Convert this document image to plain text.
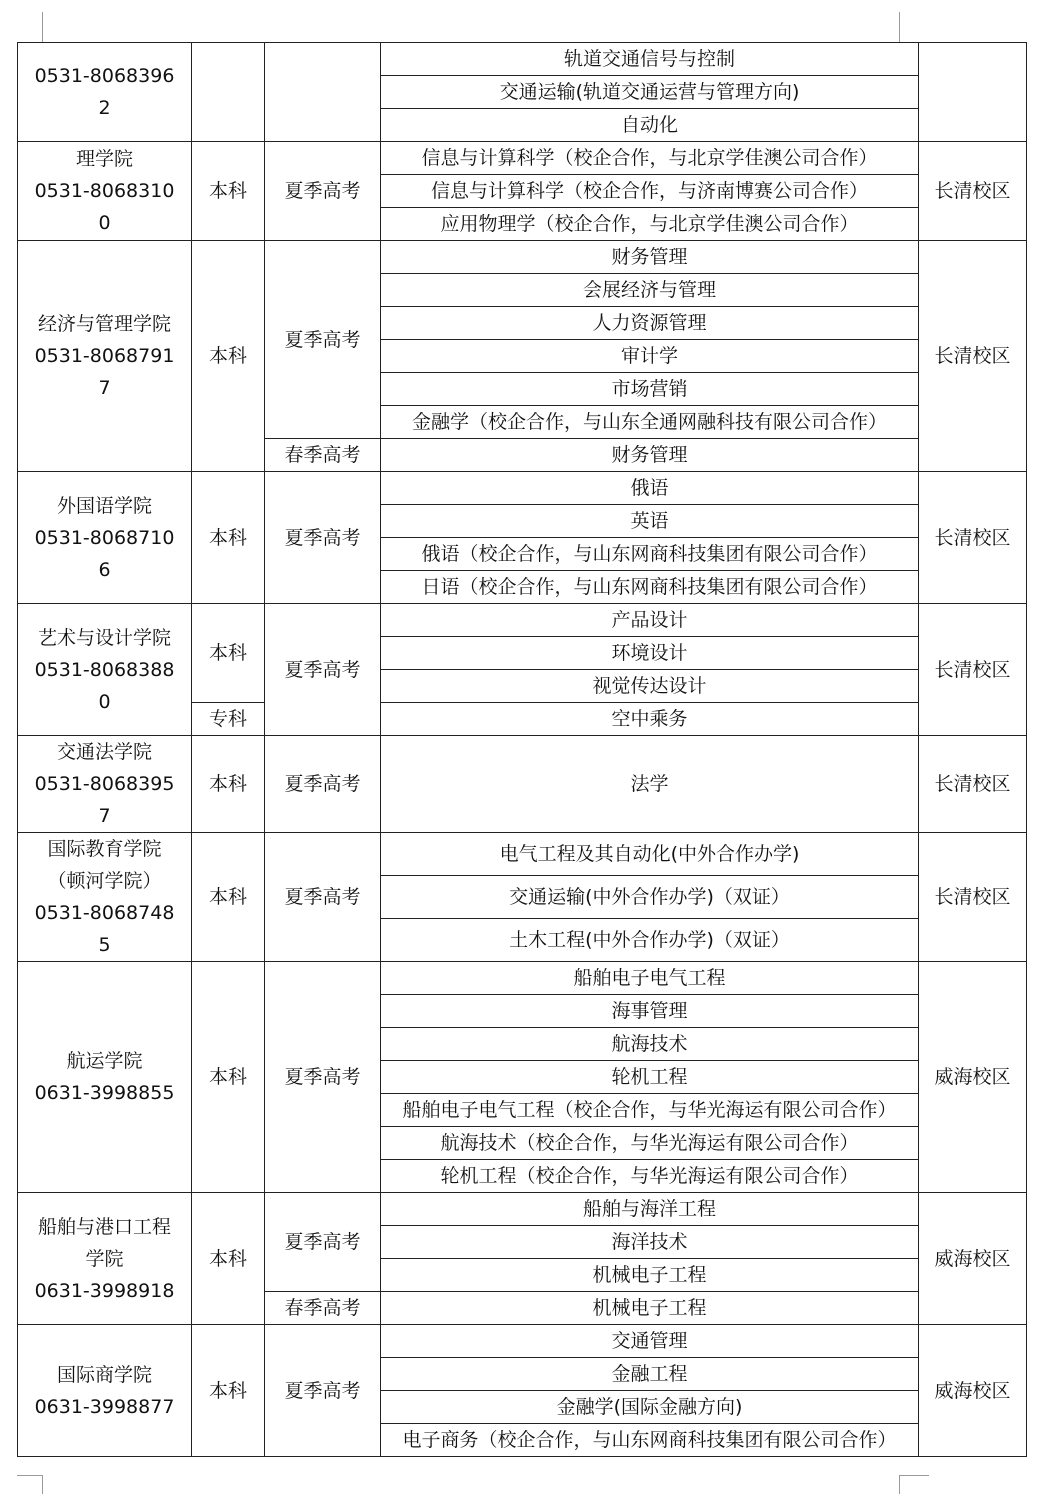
0531-8068396
2			轨道交通信号与控制	
			交通运输(轨道交通运营与管理方向)	
			自动化	

理学院
0531-8068310
0	本科	夏季高考	信息与计算科学（校企合作，与北京学佳澳公司合作）	长清校区
			信息与计算科学（校企合作，与济南博赛公司合作）	
			应用物理学（校企合作，与北京学佳澳公司合作）	

经济与管理学院
0531-8068791
7	本科	夏季高考	财务管理	长清校区
			会展经济与管理	
			人力资源管理	
			审计学	
			市场营销	
			金融学（校企合作，与山东全通网融科技有限公司合作）	
		春季高考	财务管理	

外国语学院
0531-8068710
6	本科	夏季高考	俄语	长清校区
			英语	
			俄语（校企合作，与山东网商科技集团有限公司合作）	
			日语（校企合作，与山东网商科技集团有限公司合作）	

艺术与设计学院
0531-8068388
0	本科	夏季高考	产品设计	长清校区
			环境设计	
			视觉传达设计	
	专科		空中乘务	

交通法学院
0531-8068395
7	本科	夏季高考	法学	长清校区

国际教育学院
（顿河学院）
0531-8068748
5	本科	夏季高考	电气工程及其自动化(中外合作办学)	长清校区
			交通运输(中外合作办学)（双证）	
			土木工程(中外合作办学)（双证）	

航运学院
0631-3998855	本科	夏季高考	船舶电子电气工程	威海校区
			海事管理	
			航海技术	
			轮机工程	
			船舶电子电气工程（校企合作，与华光海运有限公司合作）	
			航海技术（校企合作，与华光海运有限公司合作）	
			轮机工程（校企合作，与华光海运有限公司合作）	

船舶与港口工程
学院
0631-3998918	本科	夏季高考	船舶与海洋工程	威海校区
			海洋技术	
			机械电子工程	
		春季高考	机械电子工程	

国际商学院
0631-3998877	本科	夏季高考	交通管理	威海校区
			金融工程	
			金融学(国际金融方向)	
			电子商务（校企合作，与山东网商科技集团有限公司合作）	
